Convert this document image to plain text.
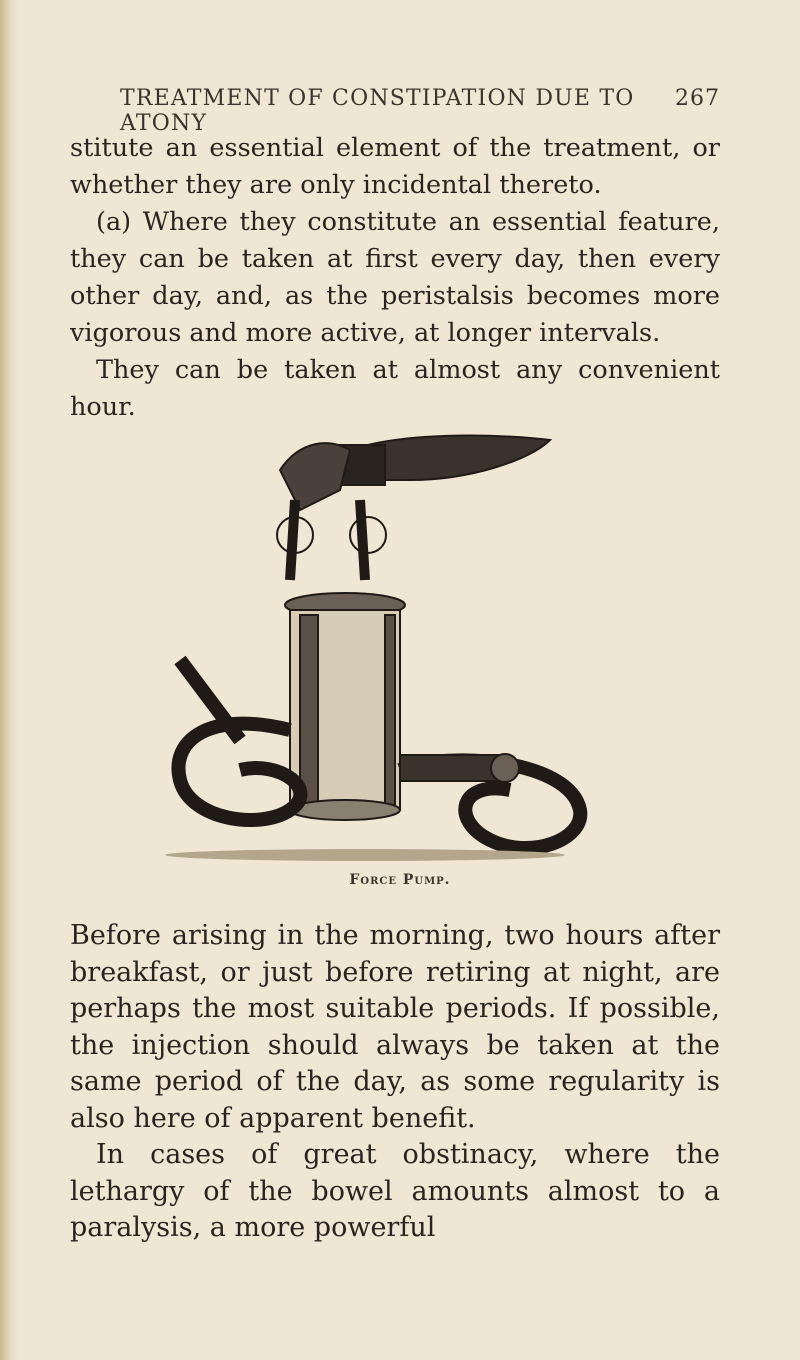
TREATMENT OF CONSTIPATION DUE TO ATONY
267

stitute an essential element of the treatment, or whether they are only incidental thereto.

(a) Where they constitute an essential feature, they can be taken at first every day, then every other day, and, as the peristalsis becomes more vigorous and more active, at longer intervals.

They can be taken at almost any convenient hour.

Force Pump.

Before arising in the morning, two hours after breakfast, or just before retiring at night, are perhaps the most suitable periods. If possible, the injection should always be taken at the same period of the day, as some regularity is also here of apparent benefit.

In cases of great obstinacy, where the lethargy of the bowel amounts almost to a paralysis, a more powerful
